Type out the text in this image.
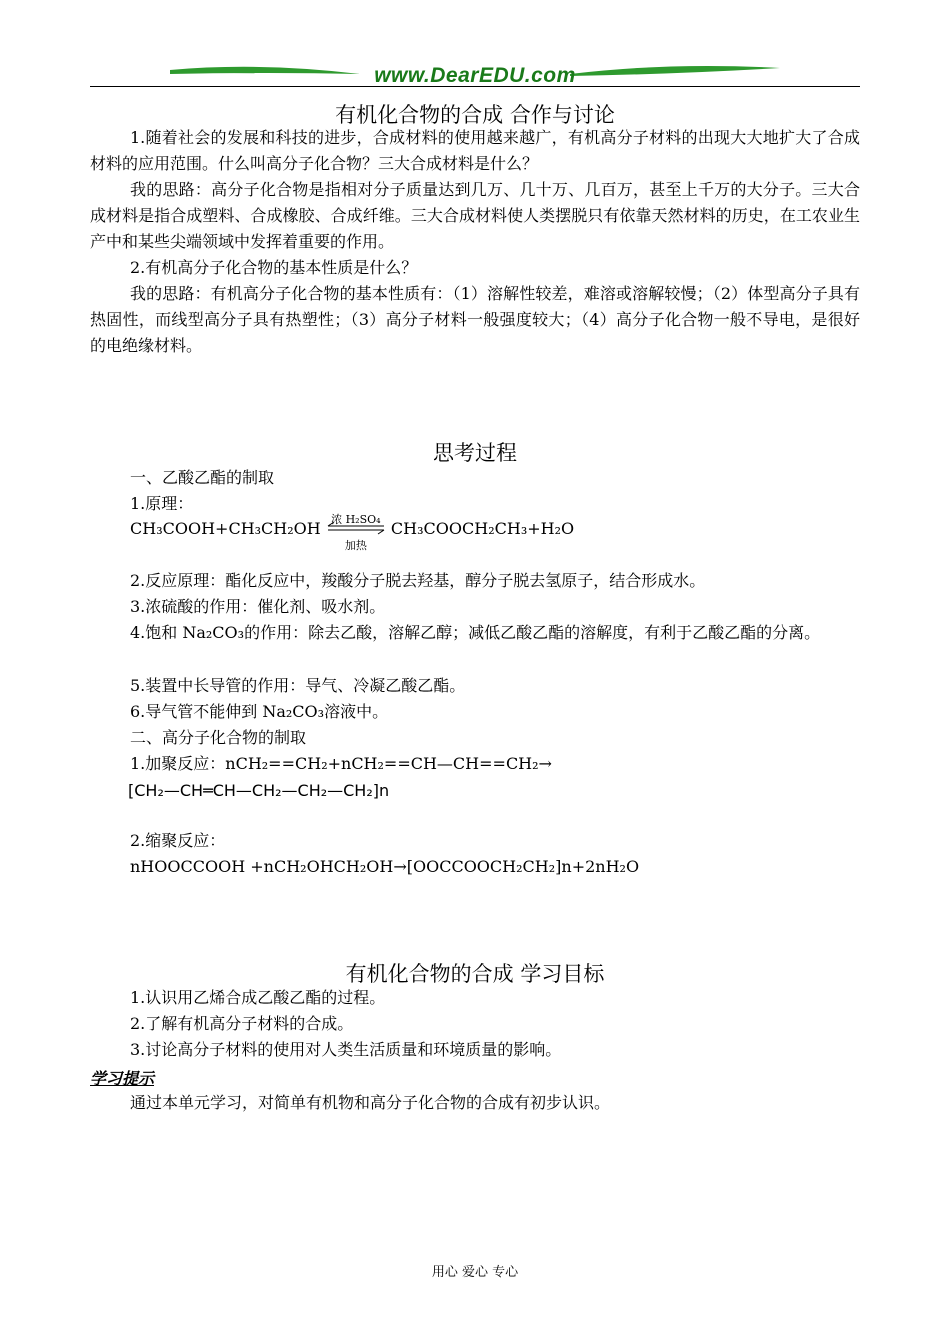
www.DearEDU.com
有机化合物的合成 合作与讨论
1.随着社会的发展和科技的进步，合成材料的使用越来越广，有机高分子材料的出现大大地扩大了合成材料的应用范围。什么叫高分子化合物？三大合成材料是什么？
我的思路：高分子化合物是指相对分子质量达到几万、几十万、几百万，甚至上千万的大分子。三大合成材料是指合成塑料、合成橡胶、合成纤维。三大合成材料使人类摆脱只有依靠天然材料的历史，在工农业生产中和某些尖端领域中发挥着重要的作用。
2.有机高分子化合物的基本性质是什么？
我的思路：有机高分子化合物的基本性质有：（1）溶解性较差，难溶或溶解较慢；（2）体型高分子具有热固性，而线型高分子具有热塑性；（3）高分子材料一般强度较大；（4）高分子化合物一般不导电，是很好的电绝缘材料。
思考过程
一、乙酸乙酯的制取
1.原理：
CH₃COOH+CH₃CH₂OH 浓 H₂SO₄
加热
CH₃COOCH₂CH₃+H₂O
2.反应原理：酯化反应中，羧酸分子脱去羟基，醇分子脱去氢原子，结合形成水。
3.浓硫酸的作用：催化剂、吸水剂。
4.饱和 Na₂CO₃的作用：除去乙酸，溶解乙醇；减低乙酸乙酯的溶解度，有利于乙酸乙酯的分离。
5.装置中长导管的作用：导气、冷凝乙酸乙酯。
6.导气管不能伸到 Na₂CO₃溶液中。
二、高分子化合物的制取
1.加聚反应：nCH₂==CH₂+nCH₂==CH—CH==CH₂→
[CH₂—CH═CH—CH₂—CH₂—CH₂]n
2.缩聚反应：
nHOOCCOOH +nCH₂OHCH₂OH→[OOCCOOCH₂CH₂]n+2nH₂O
有机化合物的合成 学习目标
1.认识用乙烯合成乙酸乙酯的过程。
2.了解有机高分子材料的合成。
3.讨论高分子材料的使用对人类生活质量和环境质量的影响。
学习提示
通过本单元学习，对简单有机物和高分子化合物的合成有初步认识。
用心 爱心 专心
